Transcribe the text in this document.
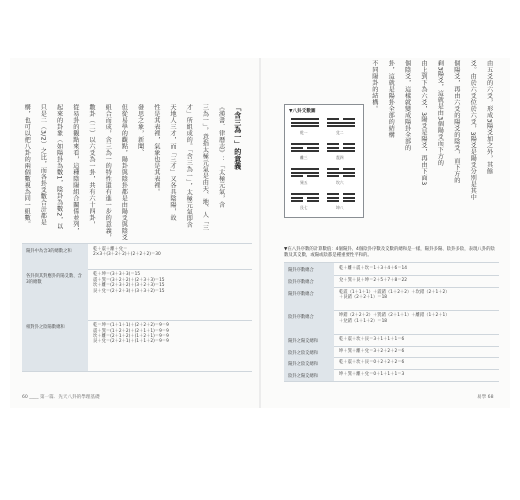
「含三為一」的意義
《漢書．律曆志》：「太極元氣，含
三為一」，意指太極元氣是由天、地、人「三
才」所組成的。「含三為一」，太極元氣即含
天地人三才，而「三才」又各具陰陽，故
性是其表裡，氣象也是其表裡。
發思之象，新聞、
但從易學的觀點，陽卦與陰卦都是由陽爻與陰爻
組合而成，含三為一的特性還有進一步的意義，
數卦（二）以六爻為一卦，共有六十四卦，
從易卦的觀點來看，這種陰陽組合關係並列，
起來的卦象（如陽卦為數1，陰卦為數2，以
只是二（3/2）之比，而各卦爻數合計都是
構，也可以把八卦的兩個數視為同一組數。
陽卦中為含3的總數之和	乾＋震＋離＋兌＝
2×3＋(3＋2＋2)＋(2＋2＋2)＝30
各卦與其對應卦的陽爻數、含3的總數
乾＋坤＝(3＋3＋3)＝15
震＋巽＝(3＋2＋2)＋(2＋3＋3)＝15
坎＋離＝(2＋3＋2)＋(3＋2＋3)＝15
艮＋兌＝(2＋2＋3)＋(3＋3＋2)＝15
相對卦之陰陽數總和	乾＝坤＝(1＋1＋1)＋(2＋2＋2)＝9＝9
震＋巽＝(1＋2＋2)＋(2＋1＋1)＝9＝9
坎＋離＝(2＋1＋2)＋(1＋2＋1)＝9＝9
艮＋兌＝(2＋2＋1)＋(1＋1＋2)＝9＝9
60 ____ 第一篇．先天八卦的學理基礎
由五爻的六爻，形成3陽爻加之外，其餘
爻。由於六爻位於六爻，3陽爻是陽爻分別是其中
個陽爻，再由六爻的陽爻的陰爻，而下方的
剩3陽爻，這就是由3個陽爻而下方的
由上到下為六爻，3陽爻是陽爻，再由下面3
個陰爻，這樣就變成陽卦全部的
卦，這就是陽卦全部的結構
不同陽卦的結構。
▼八卦爻數圖
乾一	兌二
離三	震四
巽五	坎六
艮七	坤八
▼在八卦序數的計算數值：4個陽卦、4個陰卦序數及爻數的總和是一樣，陽卦多陽、陰卦多陰，表現八卦的陰數及其爻數，或陽或陰都是種重要性平和的。
陽卦序數總合	乾＋離＋震＋坎＝1＋3＋4＋6＝14
陰卦序數總合	兌＋巽＋艮＋坤＝2＋5＋7＋8＝22
陽卦序數總合	乾震（1＋1＋1）＋震錯（1＋2＋2）＋坎錯（2＋1＋2）
＋艮錯（2＋2＋1）＝18
陰卦序數總合	坤錯（2＋2＋2）＋巽錯（2＋1＋1）＋離錯（1＋2＋1）
＋兌錯（1＋1＋2）＝18
陽卦之陽爻總和	乾＋震＋坎＋艮＝3＋1＋1＋1＝6
陰卦之陰爻總和	坤＋巽＋離＋兌＝3＋2＋2＋2＝6
陽卦之陰爻總和	乾＋震＋坎＋艮＝0＋2＋2＋2＝6
陰卦之陽爻總和	坤＋巽＋離＋兌＝0＋1＋1＋1＝3
易學 68
